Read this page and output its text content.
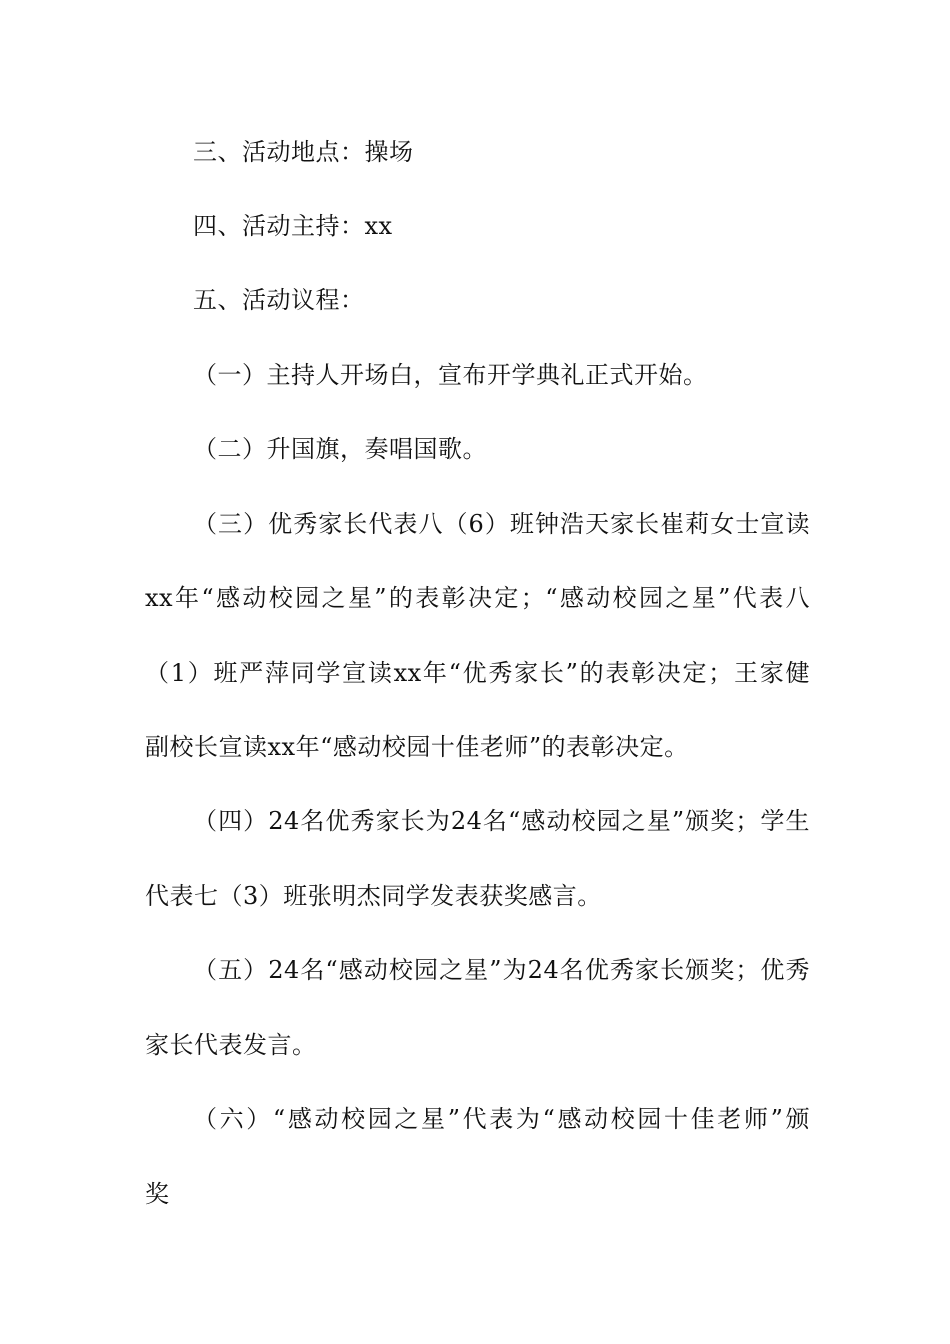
三、活动地点：操场
四、活动主持：xx
五、活动议程：
（一）主持人开场白，宣布开学典礼正式开始。
（二）升国旗，奏唱国歌。
（三）优秀家长代表八（6）班钟浩天家长崔莉女士宣读
xx年“感动校园之星”的表彰决定；“感动校园之星”代表八
（1）班严萍同学宣读xx年“优秀家长”的表彰决定；王家健
副校长宣读xx年“感动校园十佳老师”的表彰决定。
（四）24名优秀家长为24名“感动校园之星”颁奖；学生
代表七（3）班张明杰同学发表获奖感言。
（五）24名“感动校园之星”为24名优秀家长颁奖；优秀
家长代表发言。
（六）“感动校园之星”代表为“感动校园十佳老师”颁
奖
